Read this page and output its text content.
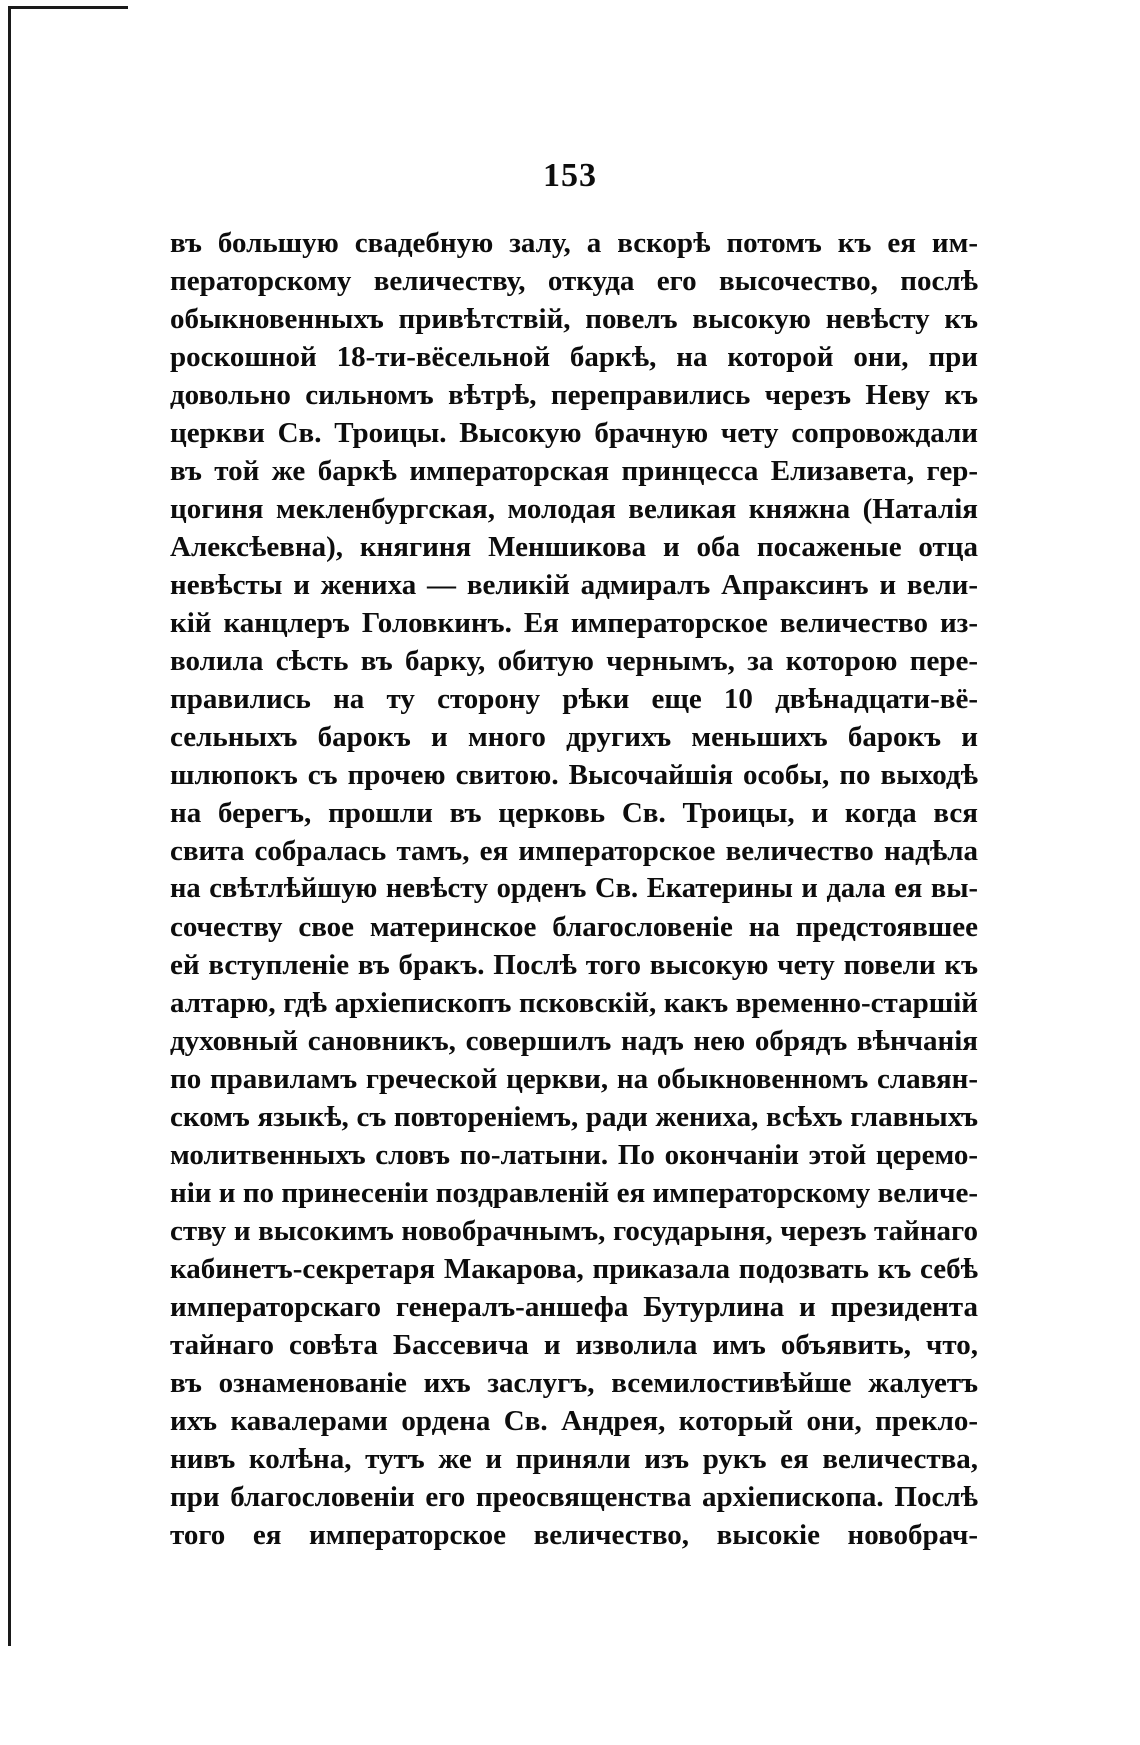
153
въ большую свадебную залу, а вскорѣ потомъ къ ея им-
ператорскому величеству, откуда его высочество, послѣ
обыкновенныхъ привѣтствій, повелъ высокую невѣсту къ
роскошной 18-ти-вёсельной баркѣ, на которой они, при
довольно сильномъ вѣтрѣ, переправились черезъ Неву къ
церкви Св. Троицы. Высокую брачную чету сопровождали
въ той же баркѣ императорская принцесса Елизавета, гер-
цогиня мекленбургская, молодая великая княжна (Наталія
Алексѣевна), княгиня Меншикова и оба посаженые отца
невѣсты и жениха — великій адмиралъ Апраксинъ и вели-
кій канцлеръ Головкинъ. Ея императорское величество из-
волила сѣсть въ барку, обитую чернымъ, за которою пере-
правились на ту сторону рѣки еще 10 двѣнадцати-вё-
сельныхъ барокъ и много другихъ меньшихъ барокъ и
шлюпокъ съ прочею свитою. Высочайшія особы, по выходѣ
на берегъ, прошли въ церковь Св. Троицы, и когда вся
свита собралась тамъ, ея императорское величество надѣла
на свѣтлѣйшую невѣсту орденъ Св. Екатерины и дала ея вы-
сочеству свое материнское благословеніе на предстоявшее
ей вступленіе въ бракъ. Послѣ того высокую чету повели къ
алтарю, гдѣ архіепископъ псковскій, какъ временно-старшій
духовный сановникъ, совершилъ надъ нею обрядъ вѣнчанія
по правиламъ греческой церкви, на обыкновенномъ славян-
скомъ языкѣ, съ повтореніемъ, ради жениха, всѣхъ главныхъ
молитвенныхъ словъ по-латыни. По окончаніи этой церемо-
ніи и по принесеніи поздравленій ея императорскому величе-
ству и высокимъ новобрачнымъ, государыня, черезъ тайнаго
кабинетъ-секретаря Макарова, приказала подозвать къ себѣ
императорскаго генералъ-аншефа Бутурлина и президента
тайнаго совѣта Бассевича и изволила имъ объявить, что,
въ ознаменованіе ихъ заслугъ, всемилостивѣйше жалуетъ
ихъ кавалерами ордена Св. Андрея, который они, прекло-
нивъ колѣна, тутъ же и приняли изъ рукъ ея величества,
при благословеніи его преосвященства архіепископа. Послѣ
того ея императорское величество, высокіе новобрач-
